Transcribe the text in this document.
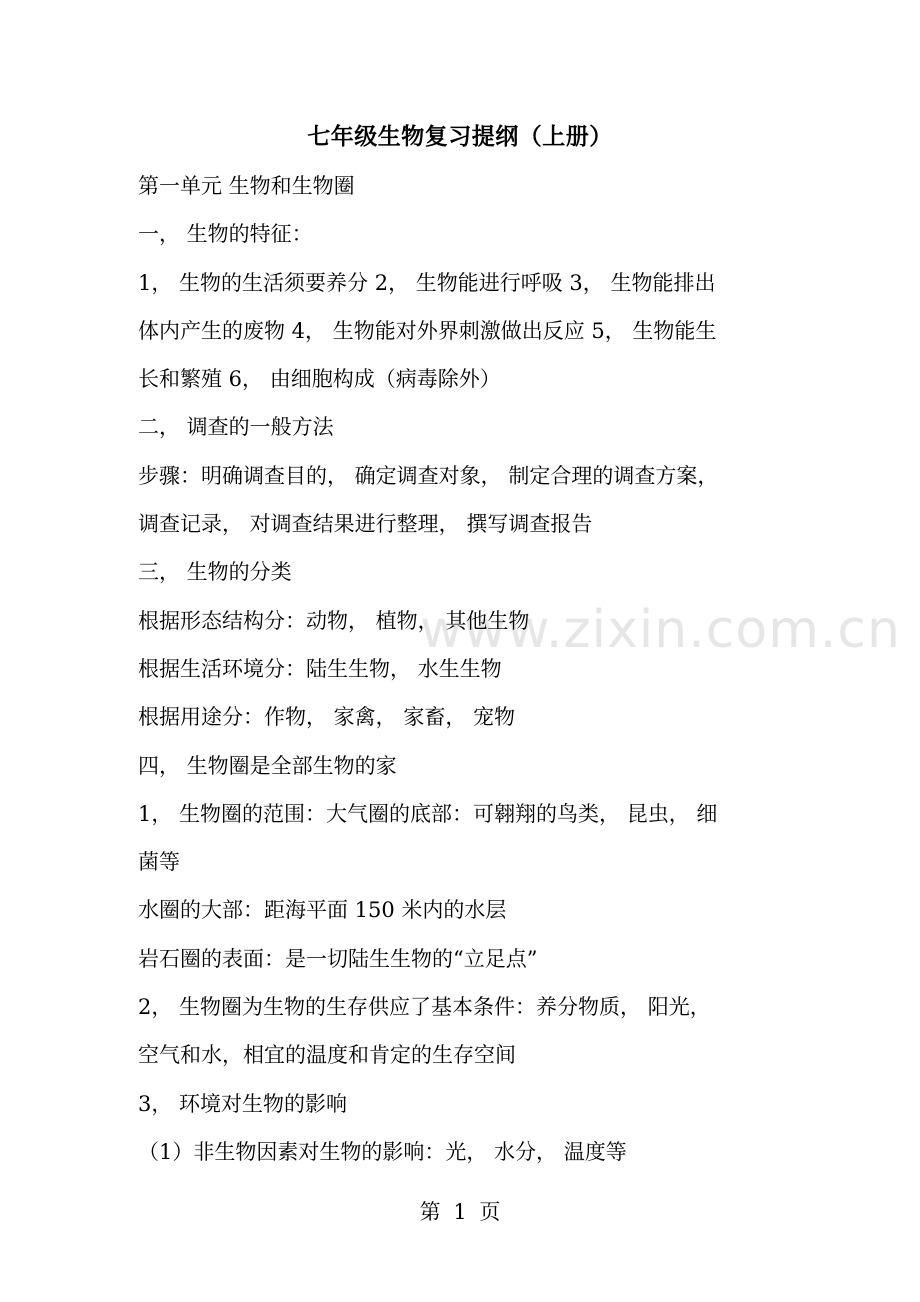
www.zixin.com.cn
七年级生物复习提纲（上册）
第一单元 生物和生物圈
一， 生物的特征：
1， 生物的生活须要养分 2， 生物能进行呼吸 3， 生物能排出
体内产生的废物 4， 生物能对外界刺激做出反应 5， 生物能生
长和繁殖 6， 由细胞构成（病毒除外）
二， 调查的一般方法
步骤：明确调查目的， 确定调查对象， 制定合理的调查方案，
调查记录， 对调查结果进行整理， 撰写调查报告
三， 生物的分类
根据形态结构分：动物， 植物， 其他生物
根据生活环境分：陆生生物， 水生生物
根据用途分：作物， 家禽， 家畜， 宠物
四， 生物圈是全部生物的家
1， 生物圈的范围：大气圈的底部：可翱翔的鸟类， 昆虫， 细
菌等
水圈的大部：距海平面 150 米内的水层
岩石圈的表面：是一切陆生生物的“立足点”
2， 生物圈为生物的生存供应了基本条件：养分物质， 阳光，
空气和水，相宜的温度和肯定的生存空间
3， 环境对生物的影响
（1）非生物因素对生物的影响：光， 水分， 温度等
第 1 页
